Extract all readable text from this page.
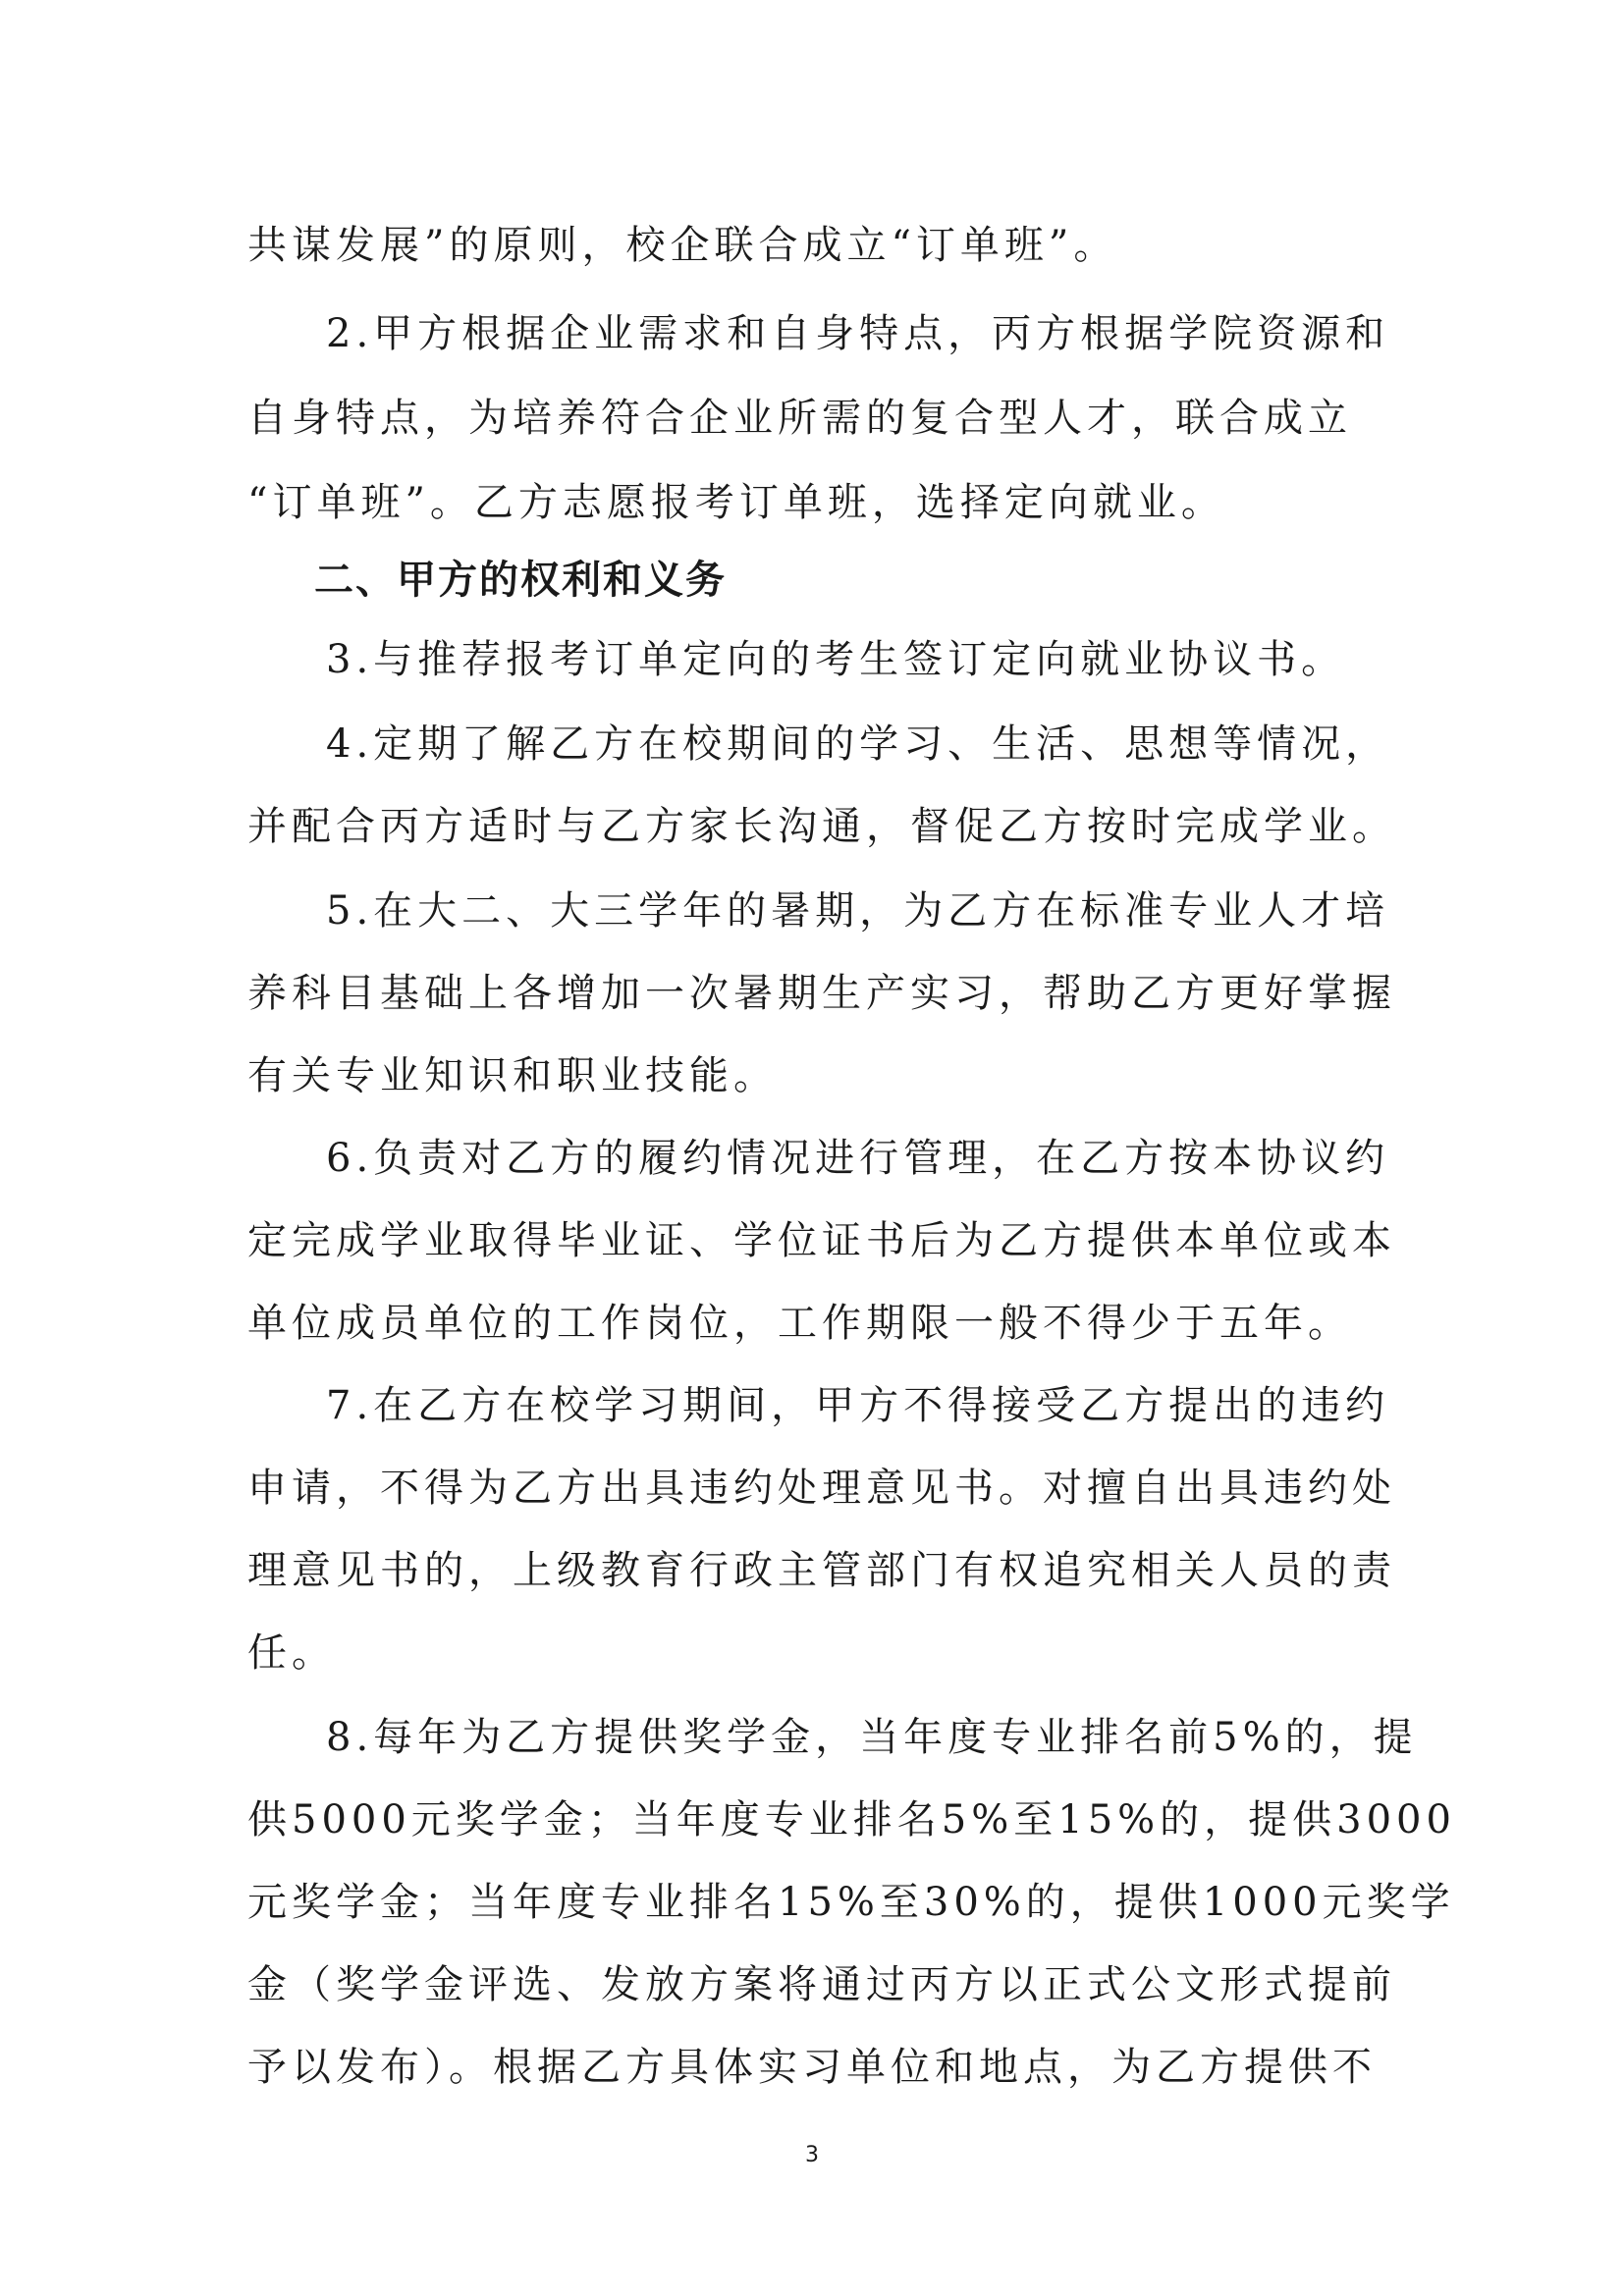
共谋发展”的原则，校企联合成立“订单班”。
2.甲方根据企业需求和自身特点，丙方根据学院资源和
自身特点，为培养符合企业所需的复合型人才，联合成立
“订单班”。乙方志愿报考订单班，选择定向就业。
二、甲方的权利和义务
3.与推荐报考订单定向的考生签订定向就业协议书。
4.定期了解乙方在校期间的学习、生活、思想等情况，
并配合丙方适时与乙方家长沟通，督促乙方按时完成学业。
5.在大二、大三学年的暑期，为乙方在标准专业人才培
养科目基础上各增加一次暑期生产实习，帮助乙方更好掌握
有关专业知识和职业技能。
6.负责对乙方的履约情况进行管理，在乙方按本协议约
定完成学业取得毕业证、学位证书后为乙方提供本单位或本
单位成员单位的工作岗位，工作期限一般不得少于五年。
7.在乙方在校学习期间，甲方不得接受乙方提出的违约
申请，不得为乙方出具违约处理意见书。对擅自出具违约处
理意见书的，上级教育行政主管部门有权追究相关人员的责
任。
8.每年为乙方提供奖学金，当年度专业排名前5%的，提
供5000元奖学金；当年度专业排名5%至15%的，提供3000
元奖学金；当年度专业排名15%至30%的，提供1000元奖学
金（奖学金评选、发放方案将通过丙方以正式公文形式提前
予以发布）。根据乙方具体实习单位和地点，为乙方提供不
3
